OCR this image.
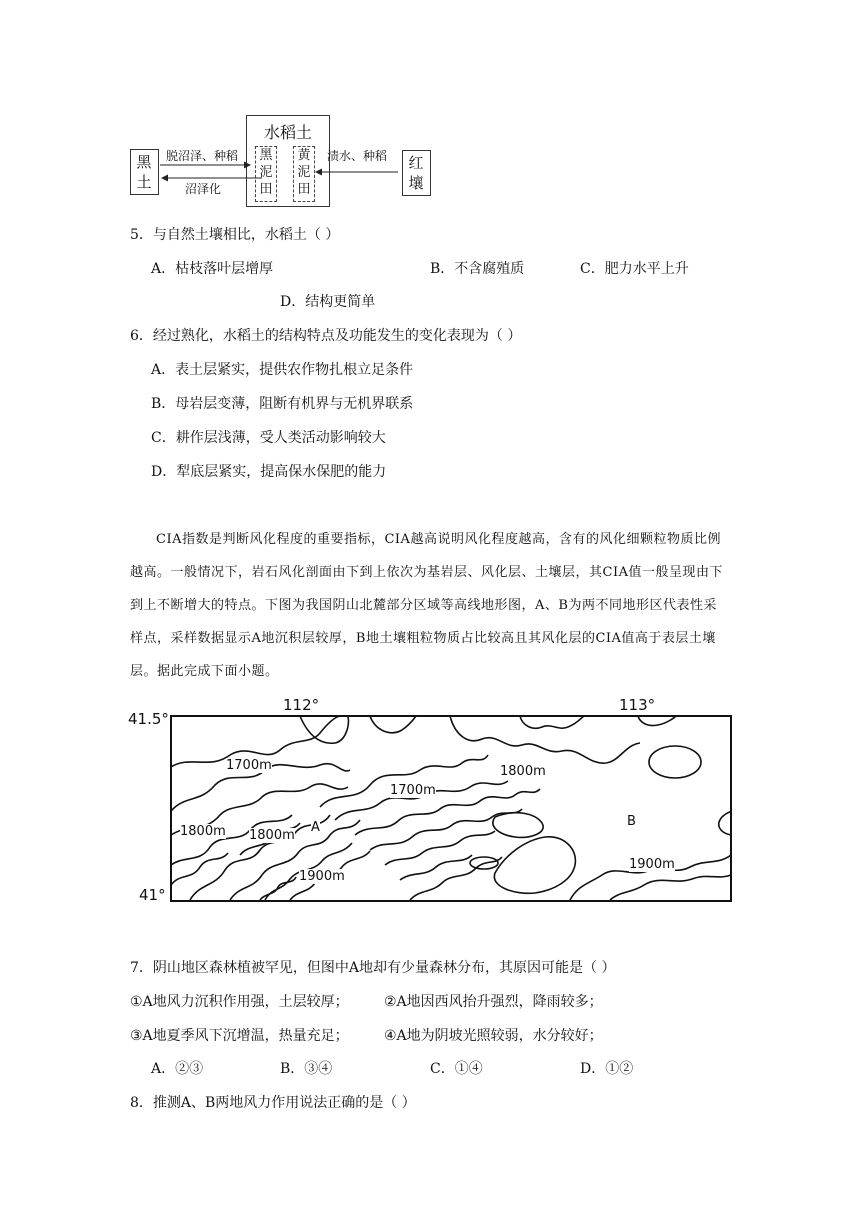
黑
土
红
壤
水稻土
黑
泥
田
黄
泥
田
脱沼泽、种稻
沼泽化
渍水、种稻
5．与自然土壤相比，水稻土（ ）
A．枯枝落叶层增厚	B．不含腐殖质	C．肥力水平上升
D．结构更简单
6．经过熟化，水稻土的结构特点及功能发生的变化表现为（ ）
A．表土层紧实，提供农作物扎根立足条件
B．母岩层变薄，阻断有机界与无机界联系
C．耕作层浅薄，受人类活动影响较大
D．犁底层紧实，提高保水保肥的能力
CIA指数是判断风化程度的重要指标，CIA越高说明风化程度越高，含有的风化细颗粒物质比例越高。一般情况下，岩石风化剖面由下到上依次为基岩层、风化层、土壤层，其CIA值一般呈现由下到上不断增大的特点。下图为我国阴山北麓部分区域等高线地形图，A、B为两不同地形区代表性采样点，采样数据显示A地沉积层较厚，B地土壤粗粒物质占比较高且其风化层的CIA值高于表层土壤层。据此完成下面小题。
112°	113°
41.5°
41°
1700m	1800m
1700m
1800m 1800m
A	B
1900m
1900m
7．阴山地区森林植被罕见，但图中A地却有少量森林分布，其原因可能是（ ）
①A地风力沉积作用强，土层较厚；	②A地因西风抬升强烈，降雨较多；
③A地夏季风下沉增温，热量充足；	④A地为阴坡光照较弱，水分较好；
A．②③	B．③④	C．①④	D．①②
8．推测A、B两地风力作用说法正确的是（ ）
